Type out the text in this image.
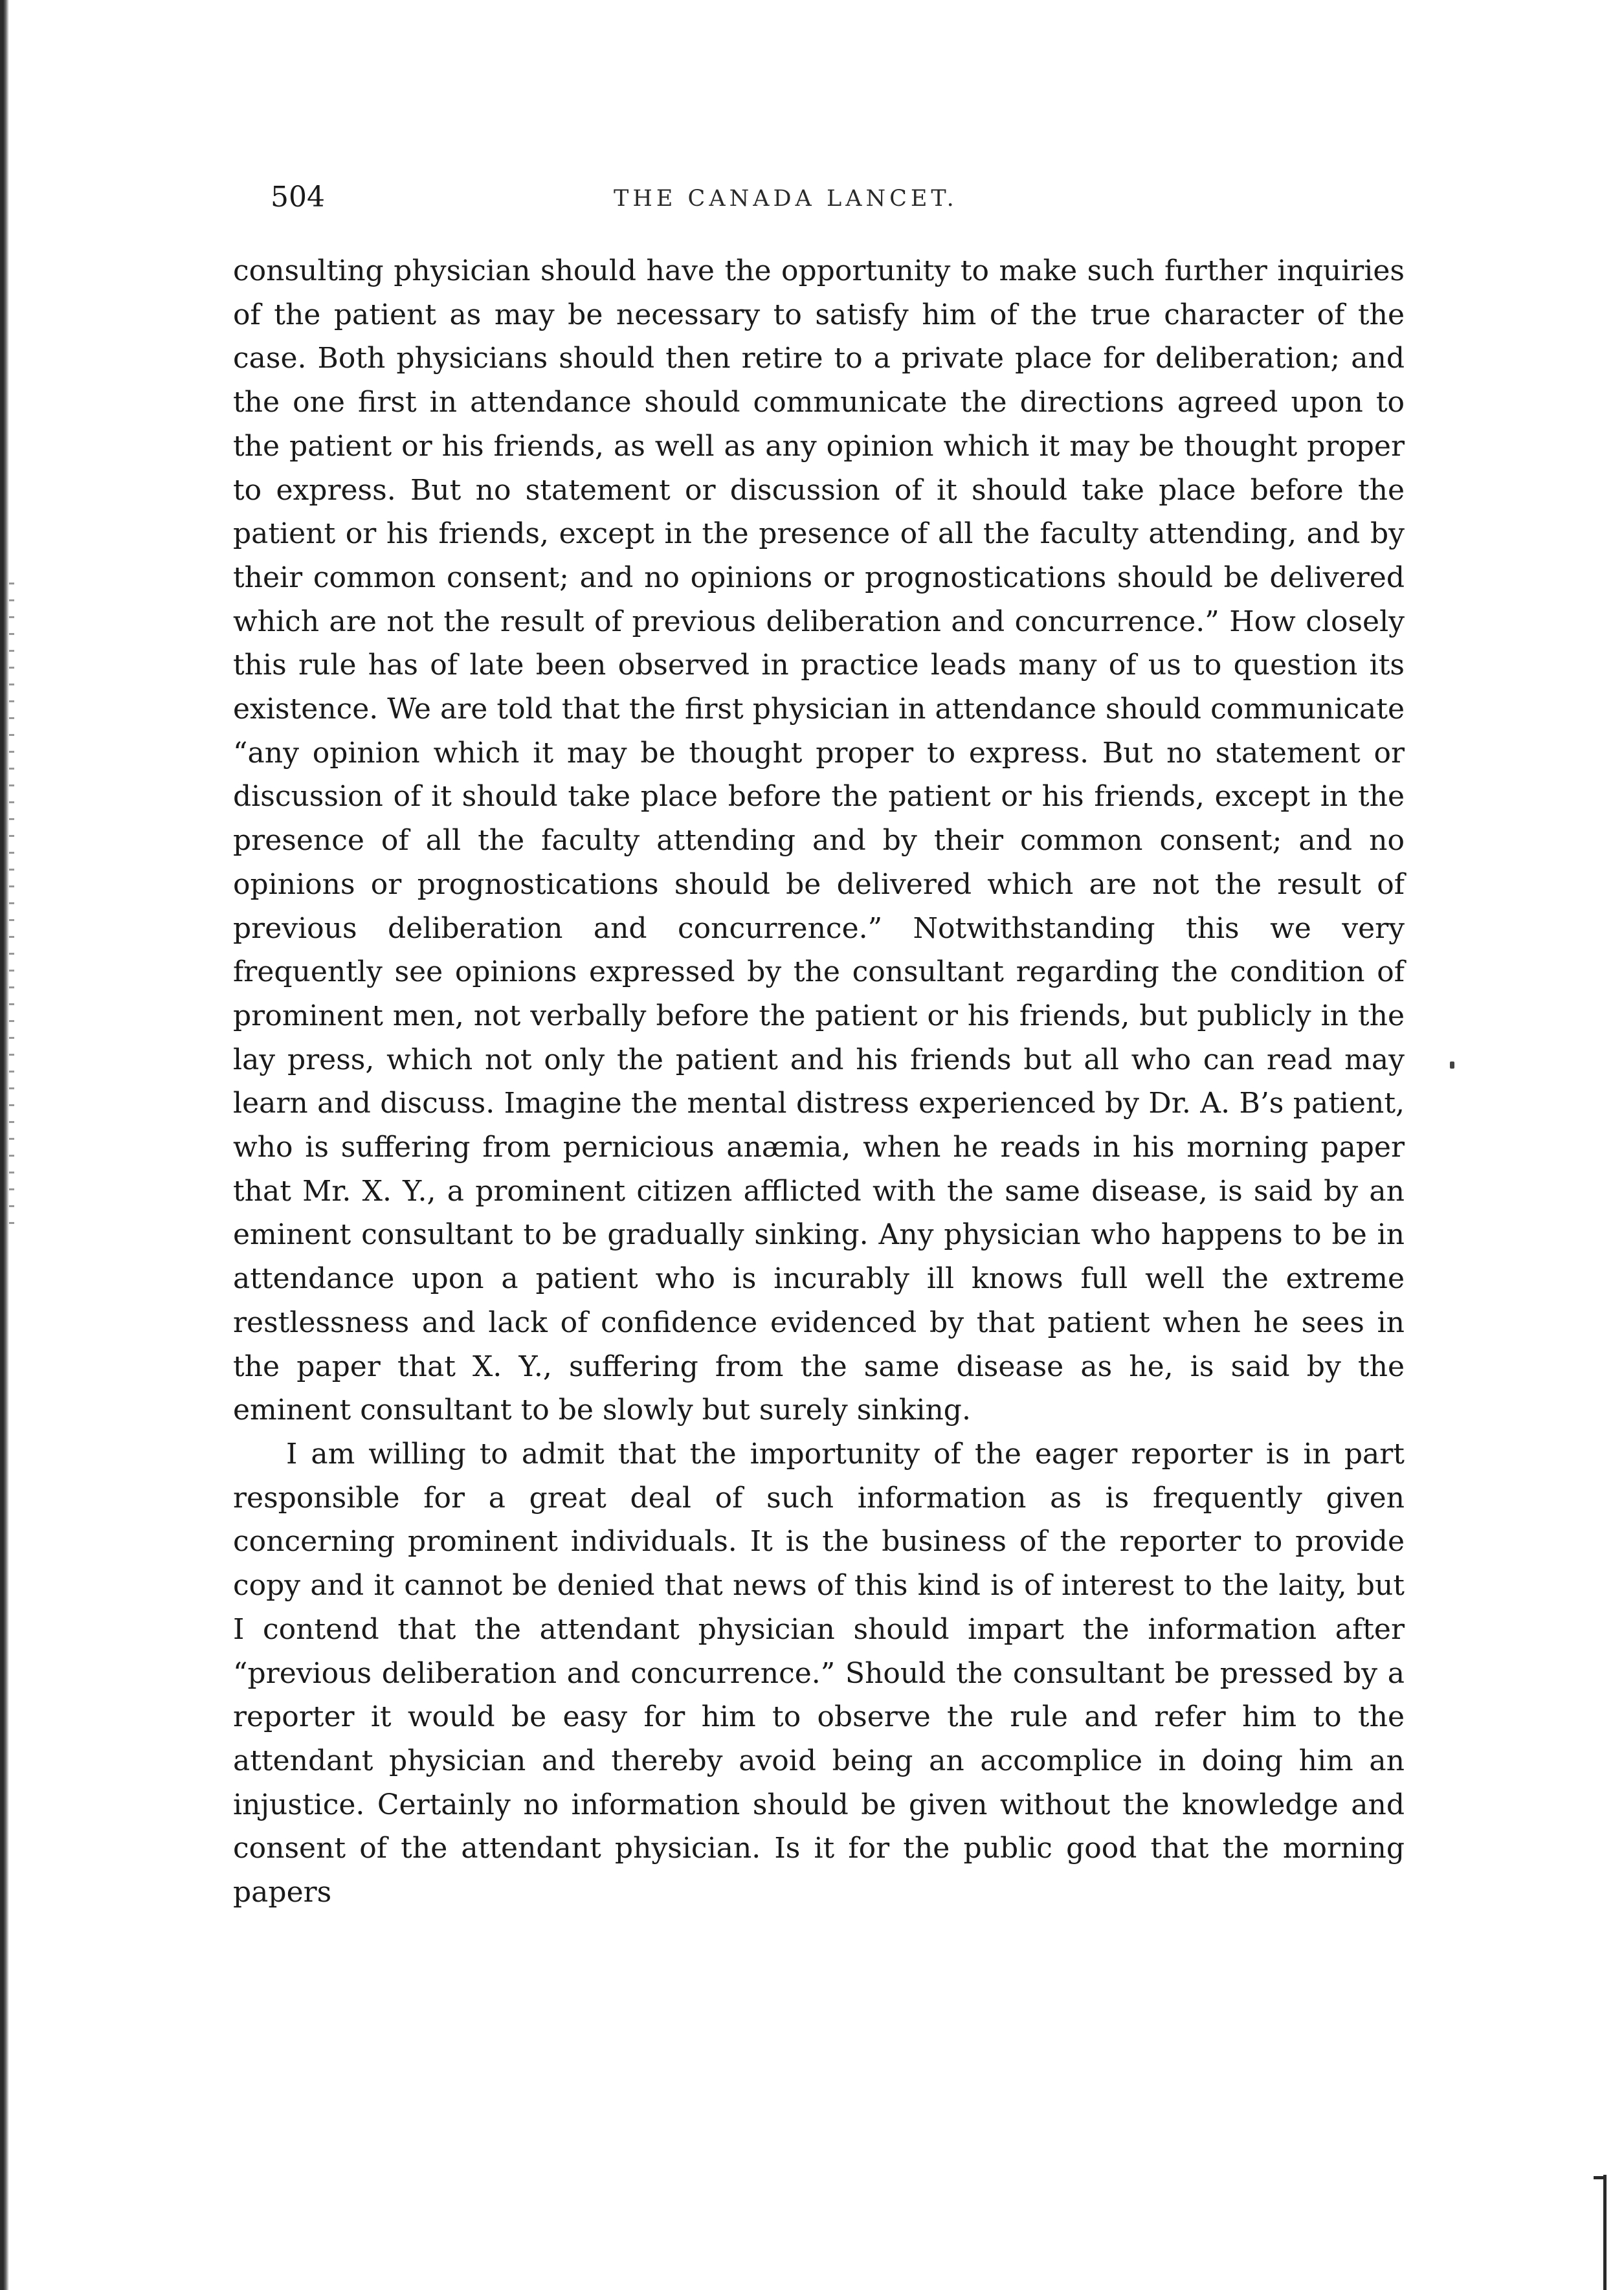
504	THE CANADA LANCET.

consulting physician should have the opportunity to make such further inquiries of the patient as may be necessary to satisfy him of the true character of the case. Both physicians should then retire to a private place for deliberation; and the one first in attendance should communicate the directions agreed upon to the patient or his friends, as well as any opinion which it may be thought proper to express. But no statement or discussion of it should take place before the patient or his friends, except in the presence of all the faculty attending, and by their common consent; and no opinions or prognostications should be delivered which are not the result of previous deliberation and concurrence.” How closely this rule has of late been observed in practice leads many of us to question its existence. We are told that the first physician in attendance should communicate “any opinion which it may be thought proper to express. But no statement or discussion of it should take place before the patient or his friends, except in the presence of all the faculty attending and by their common consent; and no opinions or prognostications should be delivered which are not the result of previous deliberation and concurrence.” Notwithstanding this we very frequently see opinions expressed by the consultant regarding the condition of prominent men, not verbally before the patient or his friends, but publicly in the lay press, which not only the patient and his friends but all who can read may learn and discuss. Imagine the mental distress experienced by Dr. A. B’s patient, who is suffering from pernicious anæmia, when he reads in his morning paper that Mr. X. Y., a prominent citizen afflicted with the same disease, is said by an eminent consultant to be gradually sinking. Any physician who happens to be in attendance upon a patient who is incurably ill knows full well the extreme restlessness and lack of confidence evidenced by that patient when he sees in the paper that X. Y., suffering from the same disease as he, is said by the eminent consultant to be slowly but surely sinking.

I am willing to admit that the importunity of the eager reporter is in part responsible for a great deal of such information as is frequently given concerning prominent individuals. It is the business of the reporter to provide copy and it cannot be denied that news of this kind is of interest to the laity, but I contend that the attendant physician should impart the information after “previous deliberation and concurrence.” Should the consultant be pressed by a reporter it would be easy for him to observe the rule and refer him to the attendant physician and thereby avoid being an accomplice in doing him an injustice. Certainly no information should be given without the knowledge and consent of the attendant physician. Is it for the public good that the morning papers
